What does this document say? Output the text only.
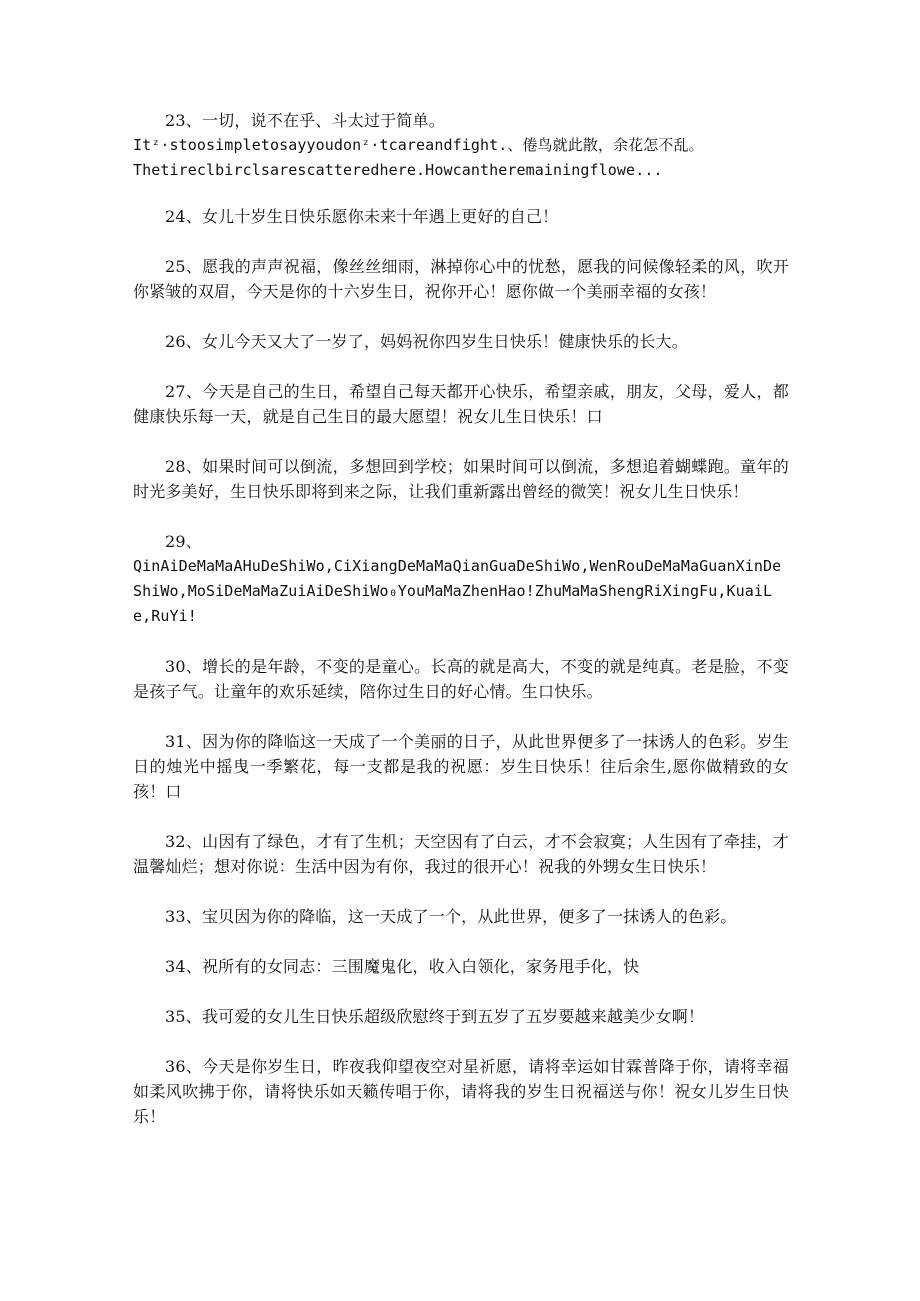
23、一切，说不在乎、斗太过于简单。
Itᶻ·stoosimpletosayyoudonᶻ·tcareandfight.、倦鸟就此散，余花怎不乱。
Thetireclbirclsarescatteredhere.Howcantheremainingflowe...

24、女儿十岁生日快乐愿你未来十年遇上更好的自己！

25、愿我的声声祝福，像丝丝细雨，淋掉你心中的忧愁，愿我的问候像轻柔的风，吹开你紧皱的双眉，今天是你的十六岁生日，祝你开心！愿你做一个美丽幸福的女孩！

26、女儿今天又大了一岁了，妈妈祝你四岁生日快乐！健康快乐的长大。

27、今天是自己的生日，希望自己每天都开心快乐，希望亲戚，朋友，父母，爱人，都健康快乐每一天，就是自己生日的最大愿望！祝女儿生日快乐！口

28、如果时间可以倒流，多想回到学校；如果时间可以倒流，多想追着蝴蝶跑。童年的时光多美好，生日快乐即将到来之际，让我们重新露出曾经的微笑！祝女儿生日快乐！

29、
QinAiDeMaMaAHuDeShiWo,CiXiangDeMaMaQianGuaDeShiWo,WenRouDeMaMaGuanXinDeShiWo,MoSiDeMaMaZuiAiDeShiWo₀YouMaMaZhenHao!ZhuMaMaShengRiXingFu,KuaiLe,RuYi!

30、增长的是年龄，不变的是童心。长高的就是高大，不变的就是纯真。老是脸，不变是孩子气。让童年的欢乐延续，陪你过生日的好心情。生口快乐。

31、因为你的降临这一天成了一个美丽的日子，从此世界便多了一抹诱人的色彩。岁生日的烛光中摇曳一季繁花，每一支都是我的祝愿：岁生日快乐！往后余生,愿你做精致的女孩！口

32、山因有了绿色，才有了生机；天空因有了白云，才不会寂寞；人生因有了牵挂，才温馨灿烂；想对你说：生活中因为有你，我过的很开心！祝我的外甥女生日快乐！

33、宝贝因为你的降临，这一天成了一个，从此世界，便多了一抹诱人的色彩。

34、祝所有的女同志：三围魔鬼化，收入白领化，家务甩手化，快

35、我可爱的女儿生日快乐超级欣慰终于到五岁了五岁要越来越美少女啊！

36、今天是你岁生日，昨夜我仰望夜空对星祈愿，请将幸运如甘霖普降于你，请将幸福如柔风吹拂于你，请将快乐如天籁传唱于你，请将我的岁生日祝福送与你！祝女儿岁生日快乐！
